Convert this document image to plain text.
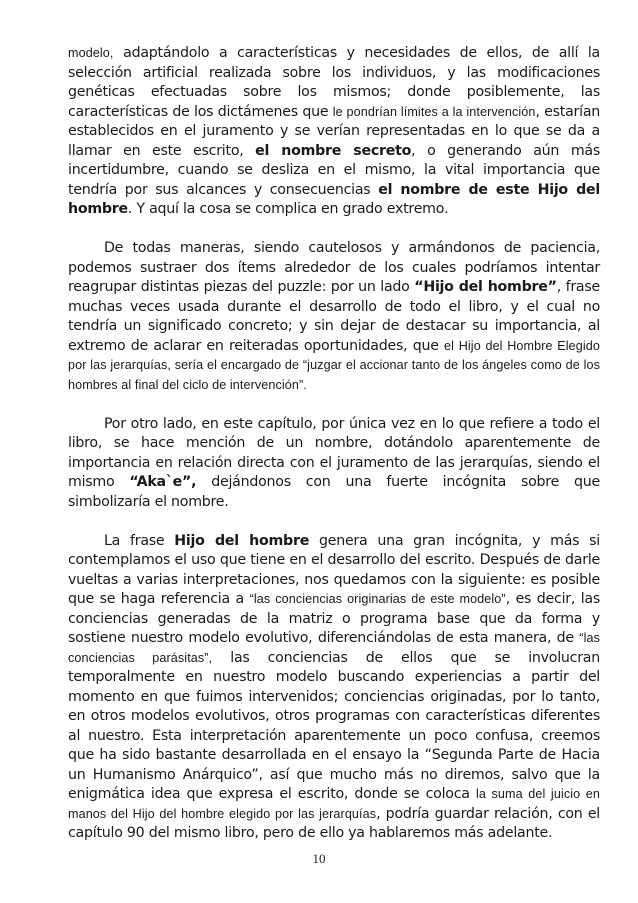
modelo, adaptándolo a características y necesidades de ellos, de allí la selección artificial realizada sobre los individuos, y las modificaciones genéticas efectuadas sobre los mismos; donde posiblemente, las características de los dictámenes que le pondrían límites a la intervención, estarían establecidos en el juramento y se verían representadas en lo que se da a llamar en este escrito, el nombre secreto, o generando aún más incertidumbre, cuando se desliza en el mismo, la vital importancia que tendría por sus alcances y consecuencias el nombre de este Hijo del hombre. Y aquí la cosa se complica en grado extremo.

De todas maneras, siendo cautelosos y armándonos de paciencia, podemos sustraer dos ítems alrededor de los cuales podríamos intentar reagrupar distintas piezas del puzzle: por un lado “Hijo del hombre”, frase muchas veces usada durante el desarrollo de todo el libro, y el cual no tendría un significado concreto; y sin dejar de destacar su importancia, al extremo de aclarar en reiteradas oportunidades, que el Hijo del Hombre Elegido por las jerarquías, sería el encargado de “juzgar el accionar tanto de los ángeles como de los hombres al final del ciclo de intervención”.

Por otro lado, en este capítulo, por única vez en lo que refiere a todo el libro, se hace mención de un nombre, dotándolo aparentemente de importancia en relación directa con el juramento de las jerarquías, siendo el mismo “Aka`e”, dejándonos con una fuerte incógnita sobre que simbolizaría el nombre.

La frase Hijo del hombre genera una gran incógnita, y más si contemplamos el uso que tiene en el desarrollo del escrito. Después de darle vueltas a varias interpretaciones, nos quedamos con la siguiente: es posible que se haga referencia a “las conciencias originarias de este modelo”, es decir, las conciencias generadas de la matriz o programa base que da forma y sostiene nuestro modelo evolutivo, diferenciándolas de esta manera, de “las conciencias parásitas”, las conciencias de ellos que se involucran temporalmente en nuestro modelo buscando experiencias a partir del momento en que fuimos intervenidos; conciencias originadas, por lo tanto, en otros modelos evolutivos, otros programas con características diferentes al nuestro. Esta interpretación aparentemente un poco confusa, creemos que ha sido bastante desarrollada en el ensayo la “Segunda Parte de Hacia un Humanismo Anárquico”, así que mucho más no diremos, salvo que la enigmática idea que expresa el escrito, donde se coloca la suma del juicio en manos del Hijo del hombre elegido por las jerarquías, podría guardar relación, con el capítulo 90 del mismo libro, pero de ello ya hablaremos más adelante.

10
